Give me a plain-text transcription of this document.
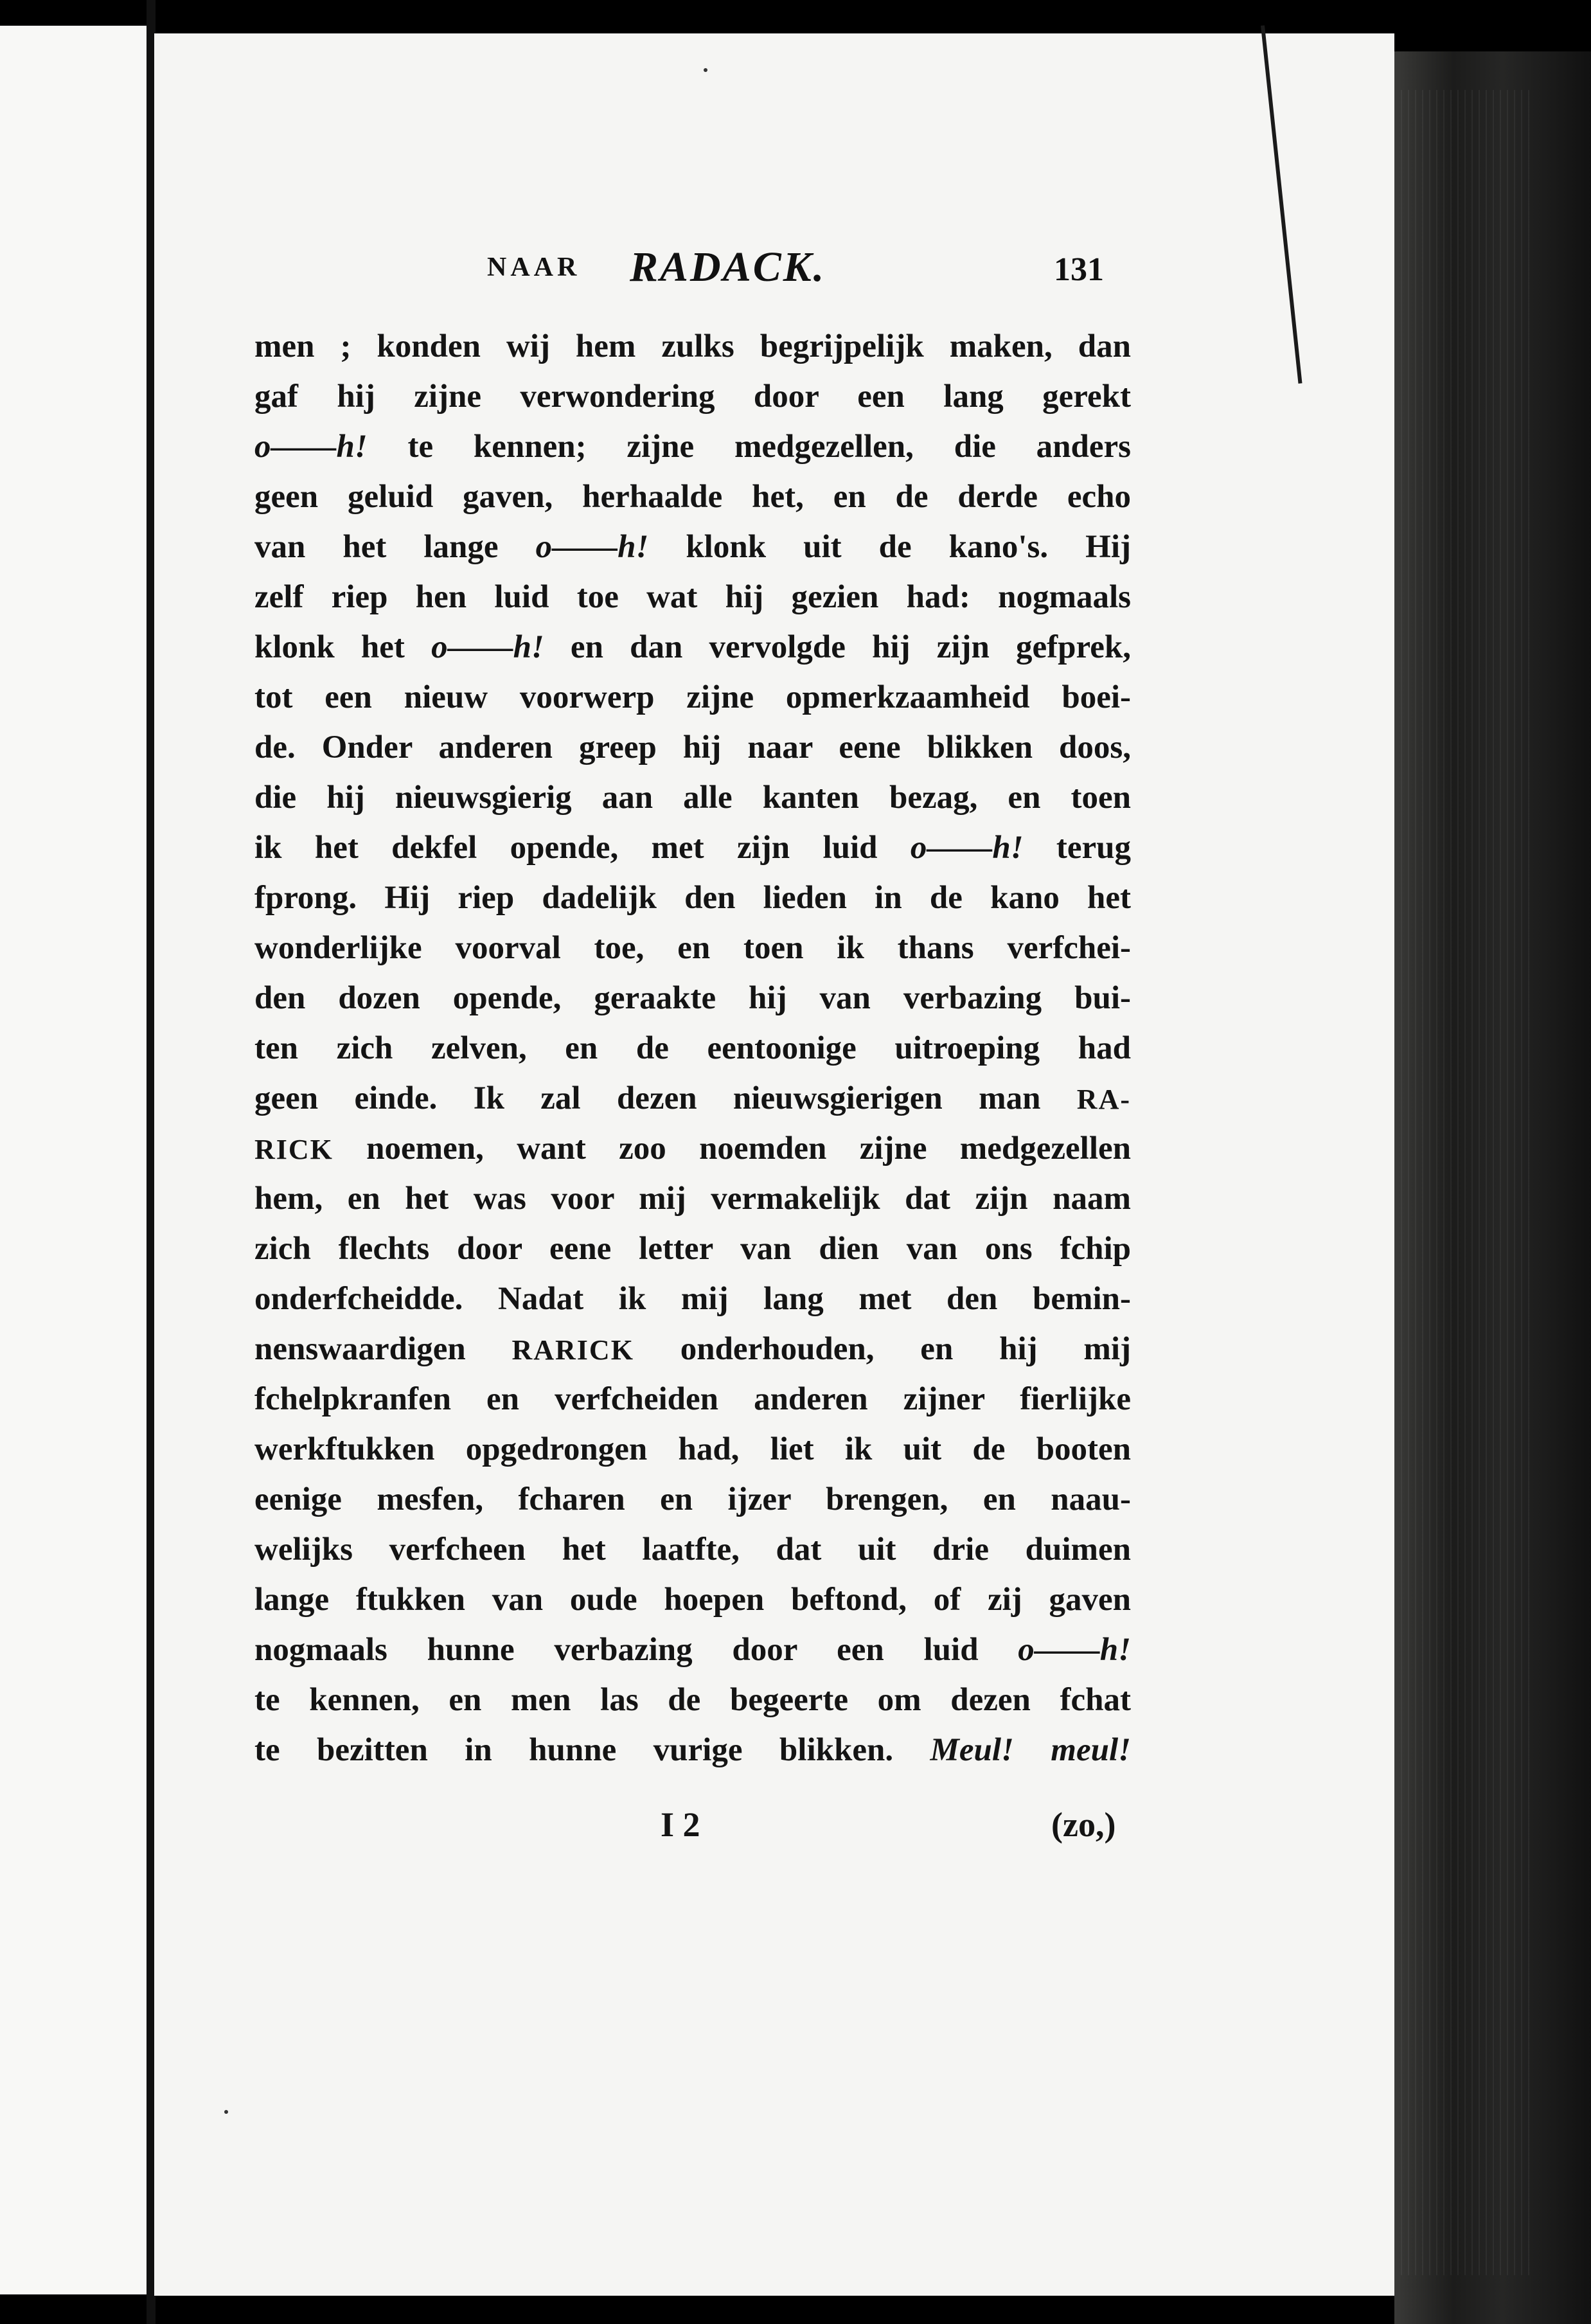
NAAR RADACK.	131
men ; konden wij hem zulks begrijpelijk maken, dan
gaf hij zijne verwondering door een lang gerekt
o——h! te kennen; zijne medgezellen, die anders
geen geluid gaven, herhaalde het, en de derde echo
van het lange o——h! klonk uit de kano's. Hij
zelf riep hen luid toe wat hij gezien had: nogmaals
klonk het o——h! en dan vervolgde hij zijn gefprek,
tot een nieuw voorwerp zijne opmerkzaamheid boei-
de. Onder anderen greep hij naar eene blikken doos,
die hij nieuwsgierig aan alle kanten bezag, en toen
ik het dekfel opende, met zijn luid o——h! terug
fprong. Hij riep dadelijk den lieden in de kano het
wonderlijke voorval toe, en toen ik thans verfchei-
den dozen opende, geraakte hij van verbazing bui-
ten zich zelven, en de eentoonige uitroeping had
geen einde. Ik zal dezen nieuwsgierigen man RA-
RICK noemen, want zoo noemden zijne medgezellen
hem, en het was voor mij vermakelijk dat zijn naam
zich flechts door eene letter van dien van ons fchip
onderfcheidde. Nadat ik mij lang met den bemin-
nenswaardigen RARICK onderhouden, en hij mij
fchelpkranfen en verfcheiden anderen zijner fierlijke
werkftukken opgedrongen had, liet ik uit de booten
eenige mesfen, fcharen en ijzer brengen, en naau-
welijks verfcheen het laatfte, dat uit drie duimen
lange ftukken van oude hoepen beftond, of zij gaven
nogmaals hunne verbazing door een luid o——h!
te kennen, en men las de begeerte om dezen fchat
te bezitten in hunne vurige blikken. Meul! meul!
I 2	(zo,)
